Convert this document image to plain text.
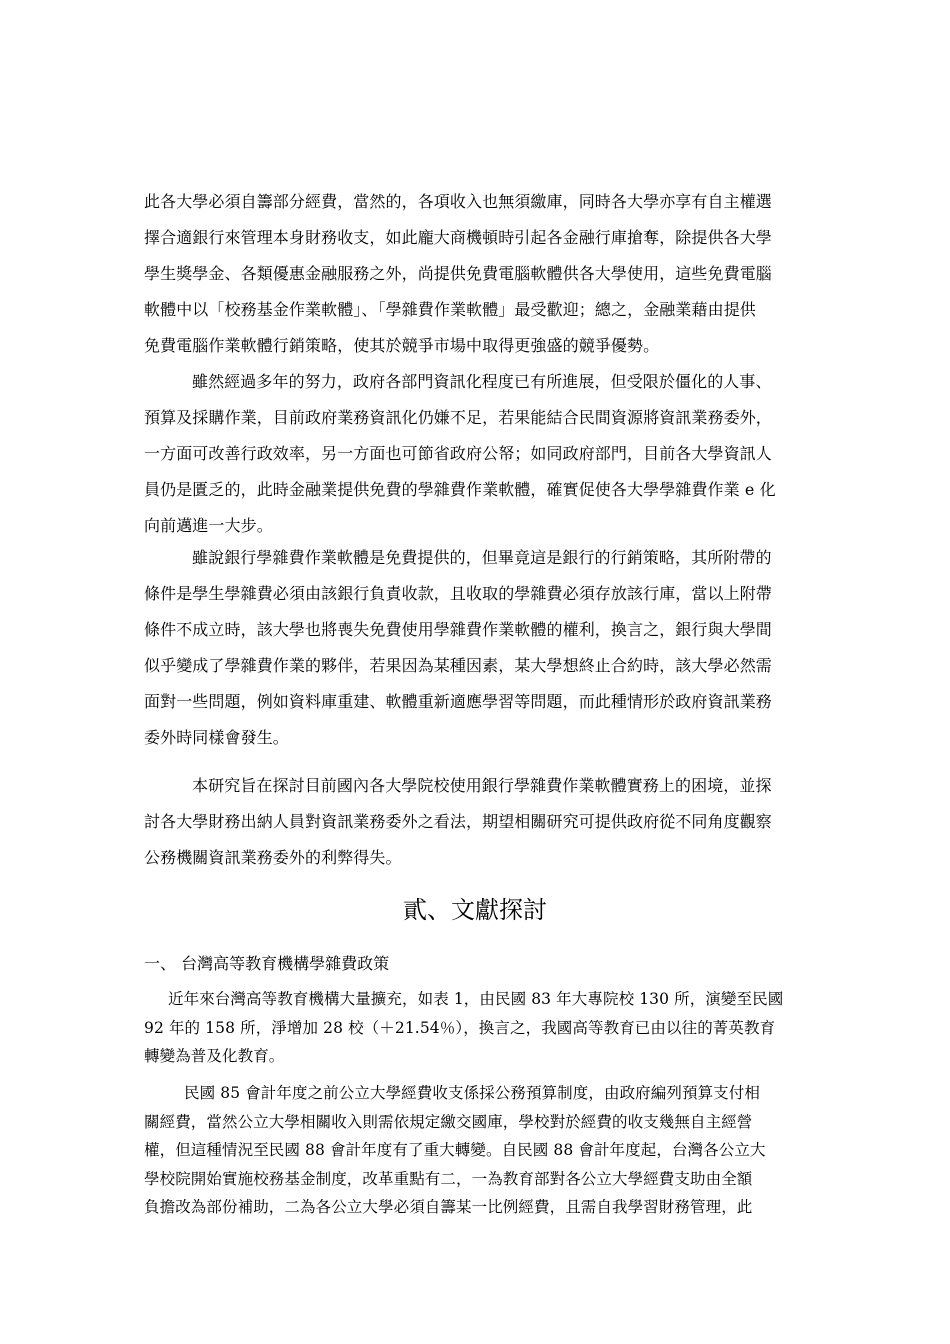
此各大學必須自籌部分經費，當然的，各項收入也無須繳庫，同時各大學亦享有自主權選
擇合適銀行來管理本身財務收支，如此龐大商機頓時引起各金融行庫搶奪，除提供各大學
學生獎學金、各類優惠金融服務之外，尚提供免費電腦軟體供各大學使用，這些免費電腦
軟體中以「校務基金作業軟體」、「學雜費作業軟體」最受歡迎；總之，金融業藉由提供
免費電腦作業軟體行銷策略，使其於競爭市場中取得更強盛的競爭優勢。
雖然經過多年的努力，政府各部門資訊化程度已有所進展，但受限於僵化的人事、
預算及採購作業，目前政府業務資訊化仍嫌不足，若果能結合民間資源將資訊業務委外，
一方面可改善行政效率，另一方面也可節省政府公帑；如同政府部門，目前各大學資訊人
員仍是匱乏的，此時金融業提供免費的學雜費作業軟體，確實促使各大學學雜費作業 e 化
向前邁進一大步。
雖說銀行學雜費作業軟體是免費提供的，但畢竟這是銀行的行銷策略，其所附帶的
條件是學生學雜費必須由該銀行負責收款，且收取的學雜費必須存放該行庫，當以上附帶
條件不成立時，該大學也將喪失免費使用學雜費作業軟體的權利，換言之，銀行與大學間
似乎變成了學雜費作業的夥伴，若果因為某種因素，某大學想終止合約時，該大學必然需
面對一些問題，例如資料庫重建、軟體重新適應學習等問題，而此種情形於政府資訊業務
委外時同樣會發生。
本研究旨在探討目前國內各大學院校使用銀行學雜費作業軟體實務上的困境，並探
討各大學財務出納人員對資訊業務委外之看法，期望相關研究可提供政府從不同角度觀察
公務機關資訊業務委外的利弊得失。
貳、文獻探討
一、 台灣高等教育機構學雜費政策
近年來台灣高等教育機構大量擴充，如表 1，由民國 83 年大專院校 130 所，演變至民國
92 年的 158 所，淨增加 28 校（＋21.54％），換言之，我國高等教育已由以往的菁英教育
轉變為普及化教育。
民國 85 會計年度之前公立大學經費收支係採公務預算制度，由政府編列預算支付相
關經費，當然公立大學相關收入則需依規定繳交國庫，學校對於經費的收支幾無自主經營
權，但這種情況至民國 88 會計年度有了重大轉變。自民國 88 會計年度起，台灣各公立大
學校院開始實施校務基金制度，改革重點有二，一為教育部對各公立大學經費支助由全額
負擔改為部份補助，二為各公立大學必須自籌某一比例經費，且需自我學習財務管理，此
